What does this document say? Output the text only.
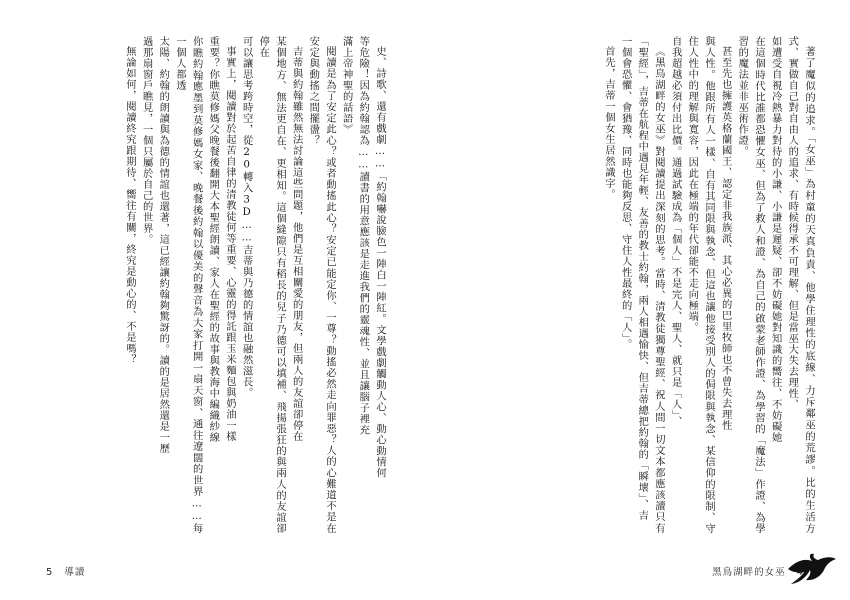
史、詩歌、還有戲劇……「約翰嚇說臉色一陣白一陣紅。文學戲劇觸動人心、動心動情何

等危險！因為約翰認為……讀書的用意應該是走進我們的靈魂性、並且讓腦子裡充

滿上帝神聖的話語》

閱讀是為了安定此心？或者動搖此心？安定已能定你、一尊？動搖必然走向罪惡？人的心難道不是在安定與動搖之間擺盪？

吉蒂與約翰雖然無法討論這些問題，他們是互相關愛的朋友，但兩人的友誼卻停在

某個地方、無法更自在、更相知。這個縫隙只有稻長的兒子乃德可以填補、飛揚張狂的與兩人的友誼卻停在

可以讓思考跨時空，從20轉入3D……吉蒂與乃德的情誼也融然滋長。

事實上，閱讀對於起苦自律的清教徒何等重要、心靈的得託跟玉米麵包與奶油一樣

重要？你瞧莫修媽父晚餐後翻開大本聖經朗讀、家人在聖經的故事與教海中編織紗線

你瞧約翰應墨到莫修媽女家、晚餐後約翰以優美的聲音為大家打開一扇天窗、通往遼闊的世界……每一個人都透

太陽、約翰的朗讀與為德的情誼也還著，這已經讓約翰夠驚訝的。讀的是居然還是一歷

過那扇窗戶瞧見，一個只屬於自己的世界。

無論如何，閱讀終究跟期待、嚮往有關，終究是動心的、不是嗎？

5 導讀

著了魔似的追求。「女巫」為村童的天真負責、他學住理性的底線、力斥鄰巫的荒謬。比的生活方式、實做自己對自由人的追求、有時候得承不可理解、但是當巫大失去理性、

如遭受自視冷熱暴力對待的小謙、小謙是遲疑、卻不妨礙她對知識的嚮往、不妨礙她

在這個時代比誰都恐懼女巫、但為了救人和證、為自己的啟蒙老師作證、為學習的「魔法」作證、為學習的魔法並非巫術作證。

甚至先也擁護英格蘭國王、認定非我族派、其心必異的巴里牧師也不曾失去理性

與人性。他跟所有人一樣、自有其同限與執念、但這也讓他接受別人的侷限與執念、某信仰的限制、守住人性中的理解與寬容，因此在極端的年代卻能不走向極端。

自我超越必須付出比價。通過試驗成為「個人」不是完人、聖人、就只是「人」、

《黑鳥湖畔的女巫》對閱讀提出深刻的思考。當時、清教徒獨尊聖經、祝人間一切文本都應該讀只有「聖經」，吉蒂在航程中遇見年輕、友善的教士約翰，兩人相遇愉快、但吉蒂總把約翰的「瞬壞」、吉

一個會恐懼、會猶豫、同時也能夠反思、守住人性最終的「人」。

首先，吉蒂一個女生居然識字。

黑鳥湖畔的女巫 4
